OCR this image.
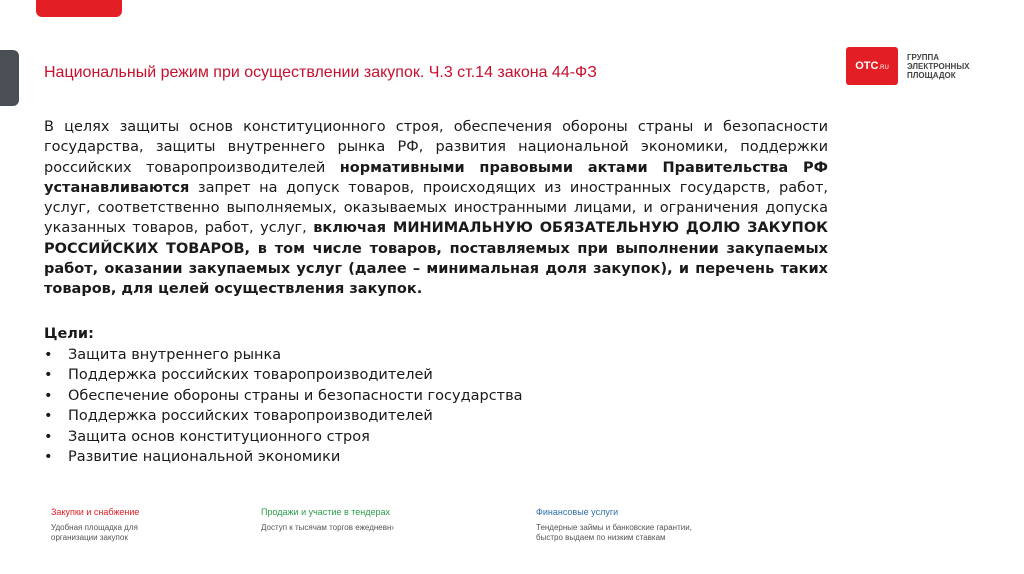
Национальный режим при осуществлении закупок. Ч.3 ст.14 закона 44-ФЗ	ОТС.RU
ГРУППА
ЭЛЕКТРОННЫХ
ПЛОЩАДОК
В целях защиты основ конституционного строя, обеспечения обороны страны и безопасности государства, защиты внутреннего рынка РФ, развития национальной экономики, поддержки российских товаропроизводителей нормативными правовыми актами Правительства РФ устанавливаются запрет на допуск товаров, происходящих из иностранных государств, работ, услуг, соответственно выполняемых, оказываемых иностранными лицами, и ограничения допуска указанных товаров, работ, услуг, включая МИНИМАЛЬНУЮ ОБЯЗАТЕЛЬНУЮ ДОЛЮ ЗАКУПОК РОССИЙСКИХ ТОВАРОВ, в том числе товаров, поставляемых при выполнении закупаемых работ, оказании закупаемых услуг (далее – минимальная доля закупок), и перечень таких товаров, для целей осуществления закупок.
Цели:
• Защита внутреннего рынка
• Поддержка российских товаропроизводителей
• Обеспечение обороны страны и безопасности государства
• Поддержка российских товаропроизводителей
• Защита основ конституционного строя
• Развитие национальной экономики
Закупки и снабжение
Удобная площадка для
организации закупок
Продажи и участие в тендерах
Доступ к тысячам торгов ежедневн›
Финансовые услуги
Тендерные займы и банковские гарантии,
быстро выдаем по низким ставкам
